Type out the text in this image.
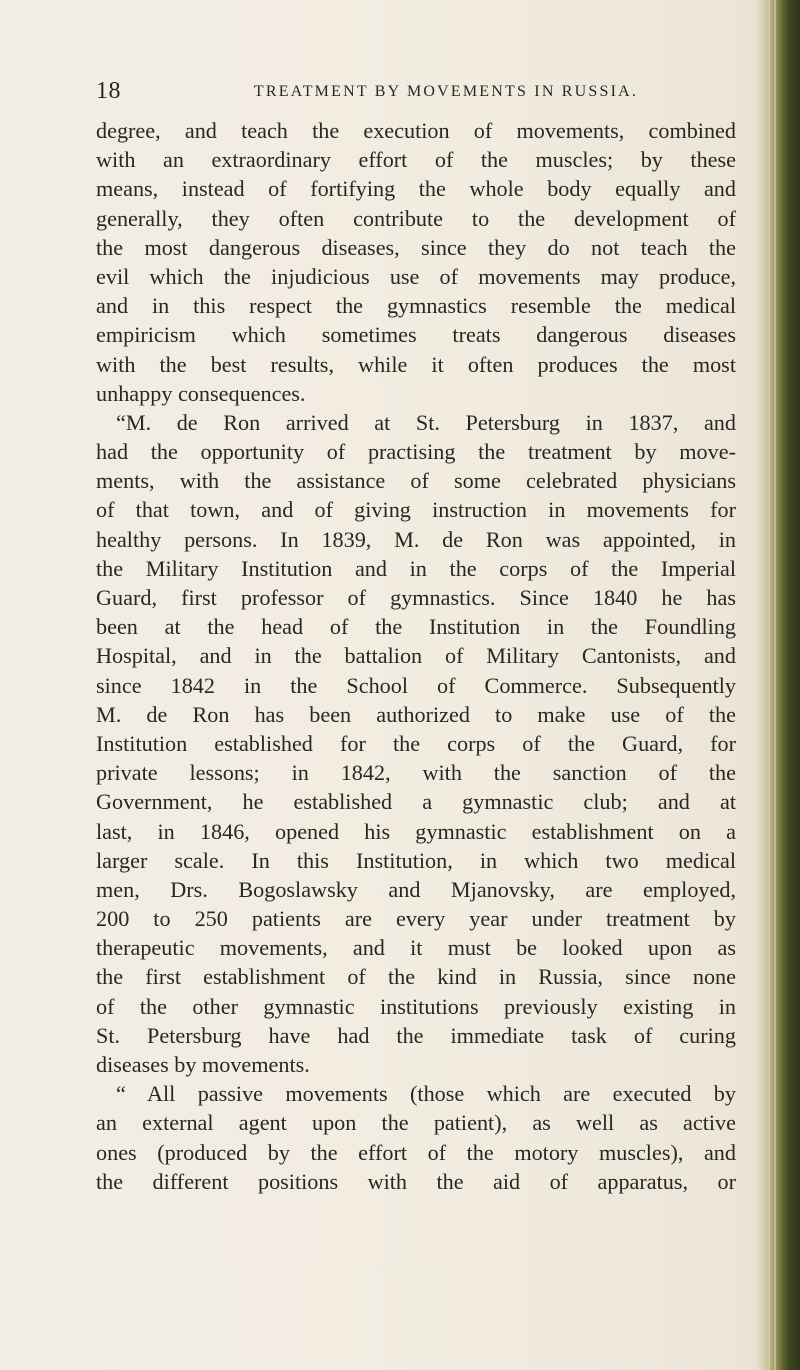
18	TREATMENT BY MOVEMENTS IN RUSSIA.
degree, and teach the execution of movements, combined
with an extraordinary effort of the muscles; by these
means, instead of fortifying the whole body equally and
generally, they often contribute to the development of
the most dangerous diseases, since they do not teach the
evil which the injudicious use of movements may produce,
and in this respect the gymnastics resemble the medical
empiricism which sometimes treats dangerous diseases
with the best results, while it often produces the most
unhappy consequences.
“M. de Ron arrived at St. Petersburg in 1837, and
had the opportunity of practising the treatment by move-
ments, with the assistance of some celebrated physicians
of that town, and of giving instruction in movements for
healthy persons. In 1839, M. de Ron was appointed, in
the Military Institution and in the corps of the Imperial
Guard, first professor of gymnastics. Since 1840 he has
been at the head of the Institution in the Foundling
Hospital, and in the battalion of Military Cantonists, and
since 1842 in the School of Commerce. Subsequently
M. de Ron has been authorized to make use of the
Institution established for the corps of the Guard, for
private lessons; in 1842, with the sanction of the
Government, he established a gymnastic club; and at
last, in 1846, opened his gymnastic establishment on a
larger scale. In this Institution, in which two medical
men, Drs. Bogoslawsky and Mjanovsky, are employed,
200 to 250 patients are every year under treatment by
therapeutic movements, and it must be looked upon as
the first establishment of the kind in Russia, since none
of the other gymnastic institutions previously existing in
St. Petersburg have had the immediate task of curing
diseases by movements.
“ All passive movements (those which are executed by
an external agent upon the patient), as well as active
ones (produced by the effort of the motory muscles), and
the different positions with the aid of apparatus, or
